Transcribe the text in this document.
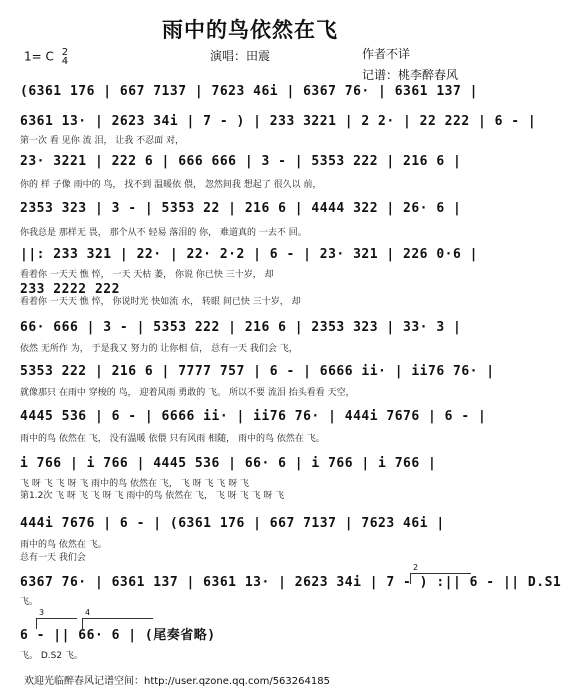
雨中的鸟依然在飞
1= C 2
4	演唱：田震	作者不详
记谱：桃李醉春风
(6361 176 | 667 7137 | 7623 46i | 6367 76· | 6361 137 |
6361 13· | 2623 34i | 7 - ) | 233 3221 | 2 2· | 22 222 | 6 - |
第一次 看 见你 流 泪， 让我 不忍面 对，
23· 3221 | 222 6 | 666 666 | 3 - | 5353 222 | 216 6 |
你的 样 子像 雨中的 鸟， 找不到 温暖依 偎， 忽然间我 想起了 很久以 前，
2353 323 | 3 - | 5353 22 | 216 6 | 4444 322 | 26· 6 |
你我总是 那样无 畏， 那个从不 轻易 落泪的 你， 难道真的 一去不 回。
||: 233 321 | 22· | 22· 2·2 | 6 - | 23· 321 | 226 0·6 |
看着你 一天天 憔 悴， 一天 天枯 萎， 你说 你已快 三十岁， 却
233 2222 222
看着你 一天天 憔 悴， 你说时光 快如流 水， 转眼 间已快 三十岁， 却
66· 666 | 3 - | 5353 222 | 216 6 | 2353 323 | 33· 3 |
依然 无所作 为， 于是我又 努力的 让你相 信， 总有一天 我们会 飞，
5353 222 | 216 6 | 7777 757 | 6 - | 6666 ii· | ii76 76· |
就像那只 在雨中 穿梭的 鸟， 迎着风雨 勇敢的 飞。 所以不要 流泪 抬头看看 天空，
4445 536 | 6 - | 6666 ii· | ii76 76· | 444i 7676 | 6 - |
雨中的鸟 依然在 飞， 没有温暖 依偎 只有风雨 相随， 雨中的鸟 依然在 飞。
i 766 | i 766 | 4445 536 | 66· 6 | i 766 | i 766 |
飞 呀 飞 飞 呀 飞 雨中的鸟 依然在 飞， 飞 呀 飞 飞 呀 飞
第1.2次 飞 呀 飞 飞 呀 飞 雨中的鸟 依然在 飞， 飞 呀 飞 飞 呀 飞
444i 7676 | 6 - | (6361 176 | 667 7137 | 7623 46i |
雨中的鸟 依然在 飞。
总有一天 我们会
6367 76· | 6361 137 | 6361 13· | 2623 34i | 7 - ) :|| 6 - || D.S1
飞。
6 - || 66· 6 | (尾奏省略)
飞。 D.S2 飞。
2
3	4
欢迎光临醉春风记谱空间：http://user.qzone.qq.com/563264185
